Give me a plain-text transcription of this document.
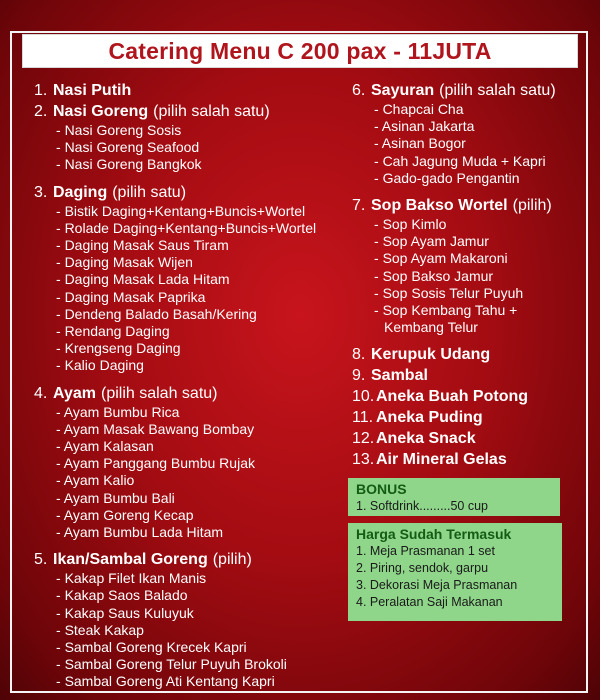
Catering Menu C 200 pax - 11JUTA
1. Nasi Putih
2. Nasi Goreng (pilih salah satu)
- Nasi Goreng Sosis
- Nasi Goreng Seafood
- Nasi Goreng Bangkok
3. Daging (pilih satu)
- Bistik Daging+Kentang+Buncis+Wortel
- Rolade Daging+Kentang+Buncis+Wortel
- Daging Masak Saus Tiram
- Daging Masak Wijen
- Daging Masak Lada Hitam
- Daging Masak Paprika
- Dendeng Balado Basah/Kering
- Rendang Daging
- Krengseng Daging
- Kalio Daging
4. Ayam (pilih salah satu)
- Ayam Bumbu Rica
- Ayam Masak Bawang Bombay
- Ayam Kalasan
- Ayam Panggang Bumbu Rujak
- Ayam Kalio
- Ayam Bumbu Bali
- Ayam Goreng Kecap
- Ayam Bumbu Lada Hitam
5. Ikan/Sambal Goreng (pilih)
- Kakap Filet Ikan Manis
- Kakap Saos Balado
- Kakap Saus Kuluyuk
- Steak Kakap
- Sambal Goreng Krecek Kapri
- Sambal Goreng Telur Puyuh Brokoli
- Sambal Goreng Ati Kentang Kapri
6. Sayuran (pilih salah satu)
- Chapcai Cha
- Asinan Jakarta
- Asinan Bogor
- Cah Jagung Muda + Kapri
- Gado-gado Pengantin
7. Sop Bakso Wortel (pilih)
- Sop Kimlo
- Sop Ayam Jamur
- Sop Ayam Makaroni
- Sop Bakso Jamur
- Sop Sosis Telur Puyuh
- Sop Kembang Tahu +
Kembang Telur
8. Kerupuk Udang
9. Sambal
10. Aneka Buah Potong
11. Aneka Puding
12. Aneka Snack
13. Air Mineral Gelas
BONUS
1. Softdrink.........50 cup
Harga Sudah Termasuk
1. Meja Prasmanan 1 set
2. Piring, sendok, garpu
3. Dekorasi Meja Prasmanan
4. Peralatan Saji Makanan
